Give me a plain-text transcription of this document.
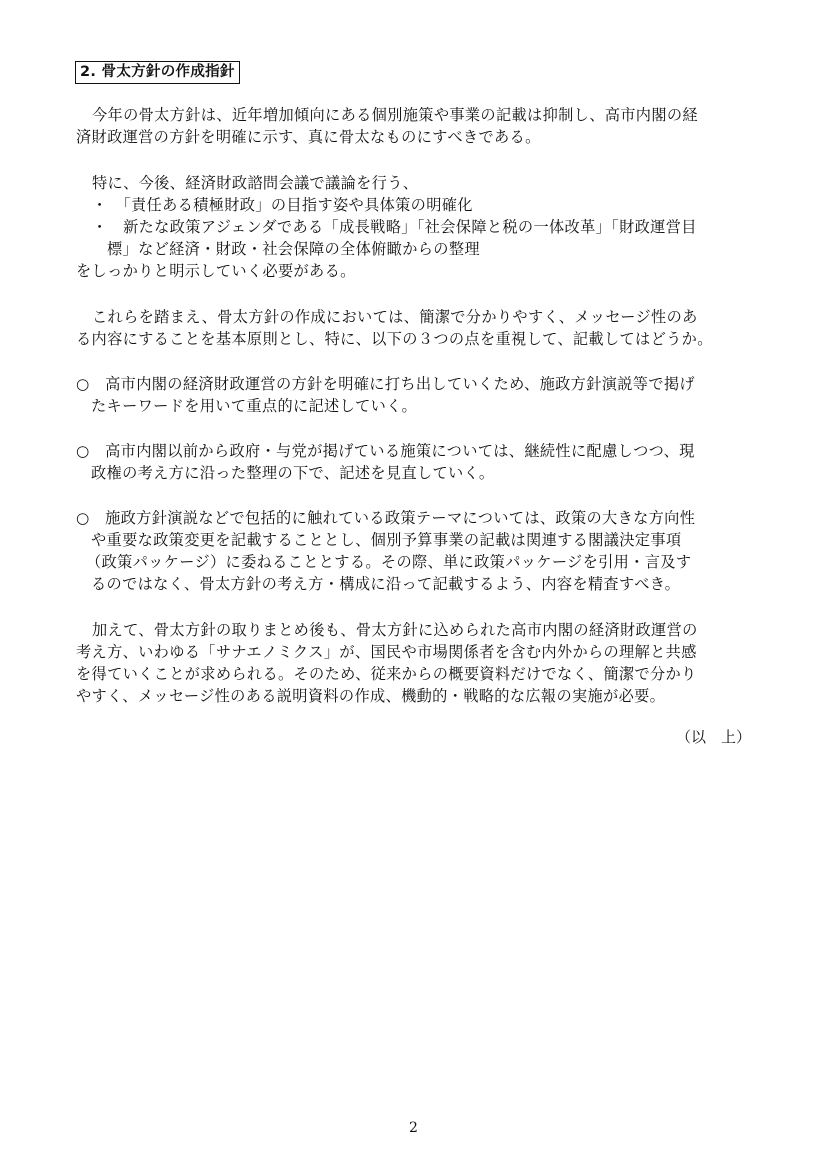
2. 骨太方針の作成指針
今年の骨太方針は、近年増加傾向にある個別施策や事業の記載は抑制し、高市内閣の経
済財政運営の方針を明確に示す、真に骨太なものにすべきである。
特に、今後、経済財政諮問会議で議論を行う、
・　「責任ある積極財政」の目指す姿や具体策の明確化
・　新たな政策アジェンダである「成長戦略」「社会保障と税の一体改革」「財政運営目
標」など経済・財政・社会保障の全体俯瞰からの整理
をしっかりと明示していく必要がある。
これらを踏まえ、骨太方針の作成においては、簡潔で分かりやすく、メッセージ性のあ
る内容にすることを基本原則とし、特に、以下の３つの点を重視して、記載してはどうか。
○　高市内閣の経済財政運営の方針を明確に打ち出していくため、施政方針演説等で掲げ
たキーワードを用いて重点的に記述していく。
○　高市内閣以前から政府・与党が掲げている施策については、継続性に配慮しつつ、現
政権の考え方に沿った整理の下で、記述を見直していく。
○　施政方針演説などで包括的に触れている政策テーマについては、政策の大きな方向性
や重要な政策変更を記載することとし、個別予算事業の記載は関連する閣議決定事項
（政策パッケージ）に委ねることとする。その際、単に政策パッケージを引用・言及す
るのではなく、骨太方針の考え方・構成に沿って記載するよう、内容を精査すべき。
加えて、骨太方針の取りまとめ後も、骨太方針に込められた高市内閣の経済財政運営の
考え方、いわゆる「サナエノミクス」が、国民や市場関係者を含む内外からの理解と共感
を得ていくことが求められる。そのため、従来からの概要資料だけでなく、簡潔で分かり
やすく、メッセージ性のある説明資料の作成、機動的・戦略的な広報の実施が必要。
（以　上）
2
